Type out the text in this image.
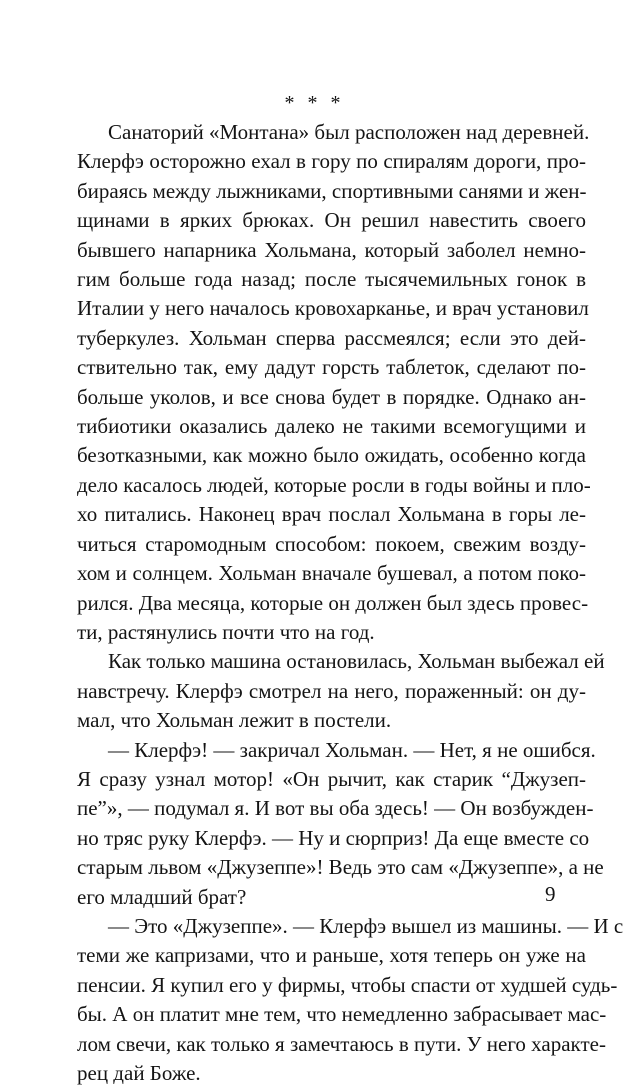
* * *
Санаторий «Монтана» был расположен над деревней.
Клерфэ осторожно ехал в гору по спиралям дороги, про-
бираясь между лыжниками, спортивными санями и жен-
щинами в ярких брюках. Он решил навестить своего
бывшего напарника Хольмана, который заболел немно-
гим больше года назад; после тысячемильных гонок в
Италии у него началось кровохарканье, и врач установил
туберкулез. Хольман сперва рассмеялся; если это дей-
ствительно так, ему дадут горсть таблеток, сделают по-
больше уколов, и все снова будет в порядке. Однако ан-
тибиотики оказались далеко не такими всемогущими и
безотказными, как можно было ожидать, особенно когда
дело касалось людей, которые росли в годы войны и пло-
хо питались. Наконец врач послал Хольмана в горы ле-
читься старомодным способом: покоем, свежим возду-
хом и солнцем. Хольман вначале бушевал, а потом поко-
рился. Два месяца, которые он должен был здесь провес-
ти, растянулись почти что на год.
Как только машина остановилась, Хольман выбежал ей
навстречу. Клерфэ смотрел на него, пораженный: он ду-
мал, что Хольман лежит в постели.
— Клерфэ! — закричал Хольман. — Нет, я не ошибся.
Я сразу узнал мотор! «Он рычит, как старик “Джузеп-
пе”», — подумал я. И вот вы оба здесь! — Он возбужден-
но тряс руку Клерфэ. — Ну и сюрприз! Да еще вместе со
старым львом «Джузеппе»! Ведь это сам «Джузеппе», а не
его младший брат?
— Это «Джузеппе». — Клерфэ вышел из машины. — И с
теми же капризами, что и раньше, хотя теперь он уже на
пенсии. Я купил его у фирмы, чтобы спасти от худшей судь-
бы. А он платит мне тем, что немедленно забрасывает мас-
лом свечи, как только я замечтаюсь в пути. У него характе-
рец дай Боже.
9
